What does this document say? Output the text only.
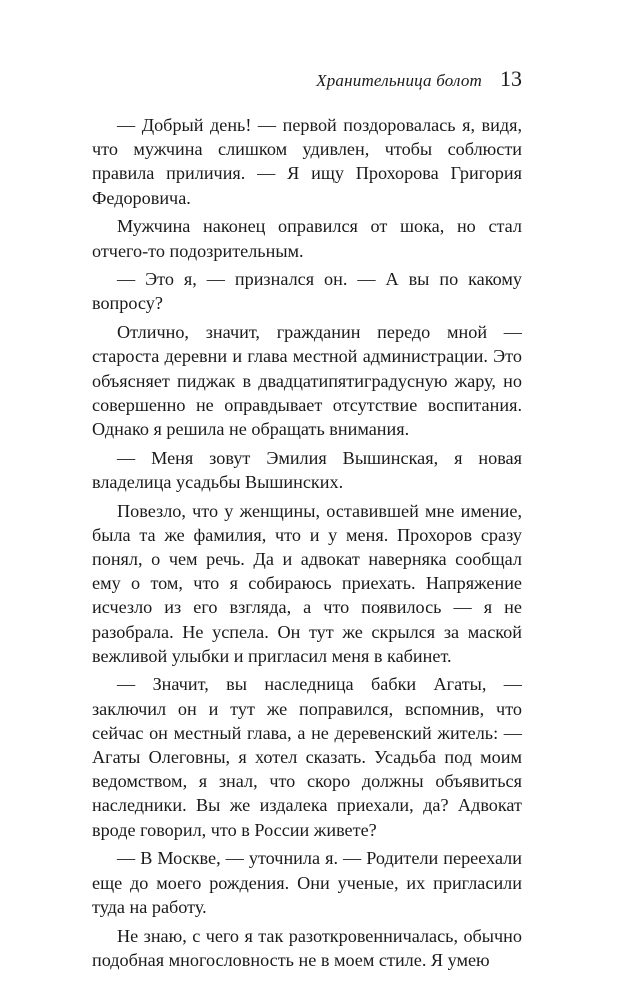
Хранительница болот 13

— Добрый день! — первой поздоровалась я, видя, что мужчина слишком удивлен, чтобы соблюсти правила приличия. — Я ищу Прохорова Григория Федоровича.

Мужчина наконец оправился от шока, но стал отчего-то подозрительным.

— Это я, — признался он. — А вы по какому вопросу?

Отлично, значит, гражданин передо мной — староста деревни и глава местной администрации. Это объясняет пиджак в двадцатипятиградусную жару, но совершенно не оправдывает отсутствие воспитания. Однако я решила не обращать внимания.

— Меня зовут Эмилия Вышинская, я новая владелица усадьбы Вышинских.

Повезло, что у женщины, оставившей мне имение, была та же фамилия, что и у меня. Прохоров сразу понял, о чем речь. Да и адвокат наверняка сообщал ему о том, что я собираюсь приехать. Напряжение исчезло из его взгляда, а что появилось — я не разобрала. Не успела. Он тут же скрылся за маской вежливой улыбки и пригласил меня в кабинет.

— Значит, вы наследница бабки Агаты, — заключил он и тут же поправился, вспомнив, что сейчас он местный глава, а не деревенский житель: — Агаты Олеговны, я хотел сказать. Усадьба под моим ведомством, я знал, что скоро должны объявиться наследники. Вы же издалека приехали, да? Адвокат вроде говорил, что в России живете?

— В Москве, — уточнила я. — Родители переехали еще до моего рождения. Они ученые, их пригласили туда на работу.

Не знаю, с чего я так разоткровенничалась, обычно подобная многословность не в моем стиле. Я умею
